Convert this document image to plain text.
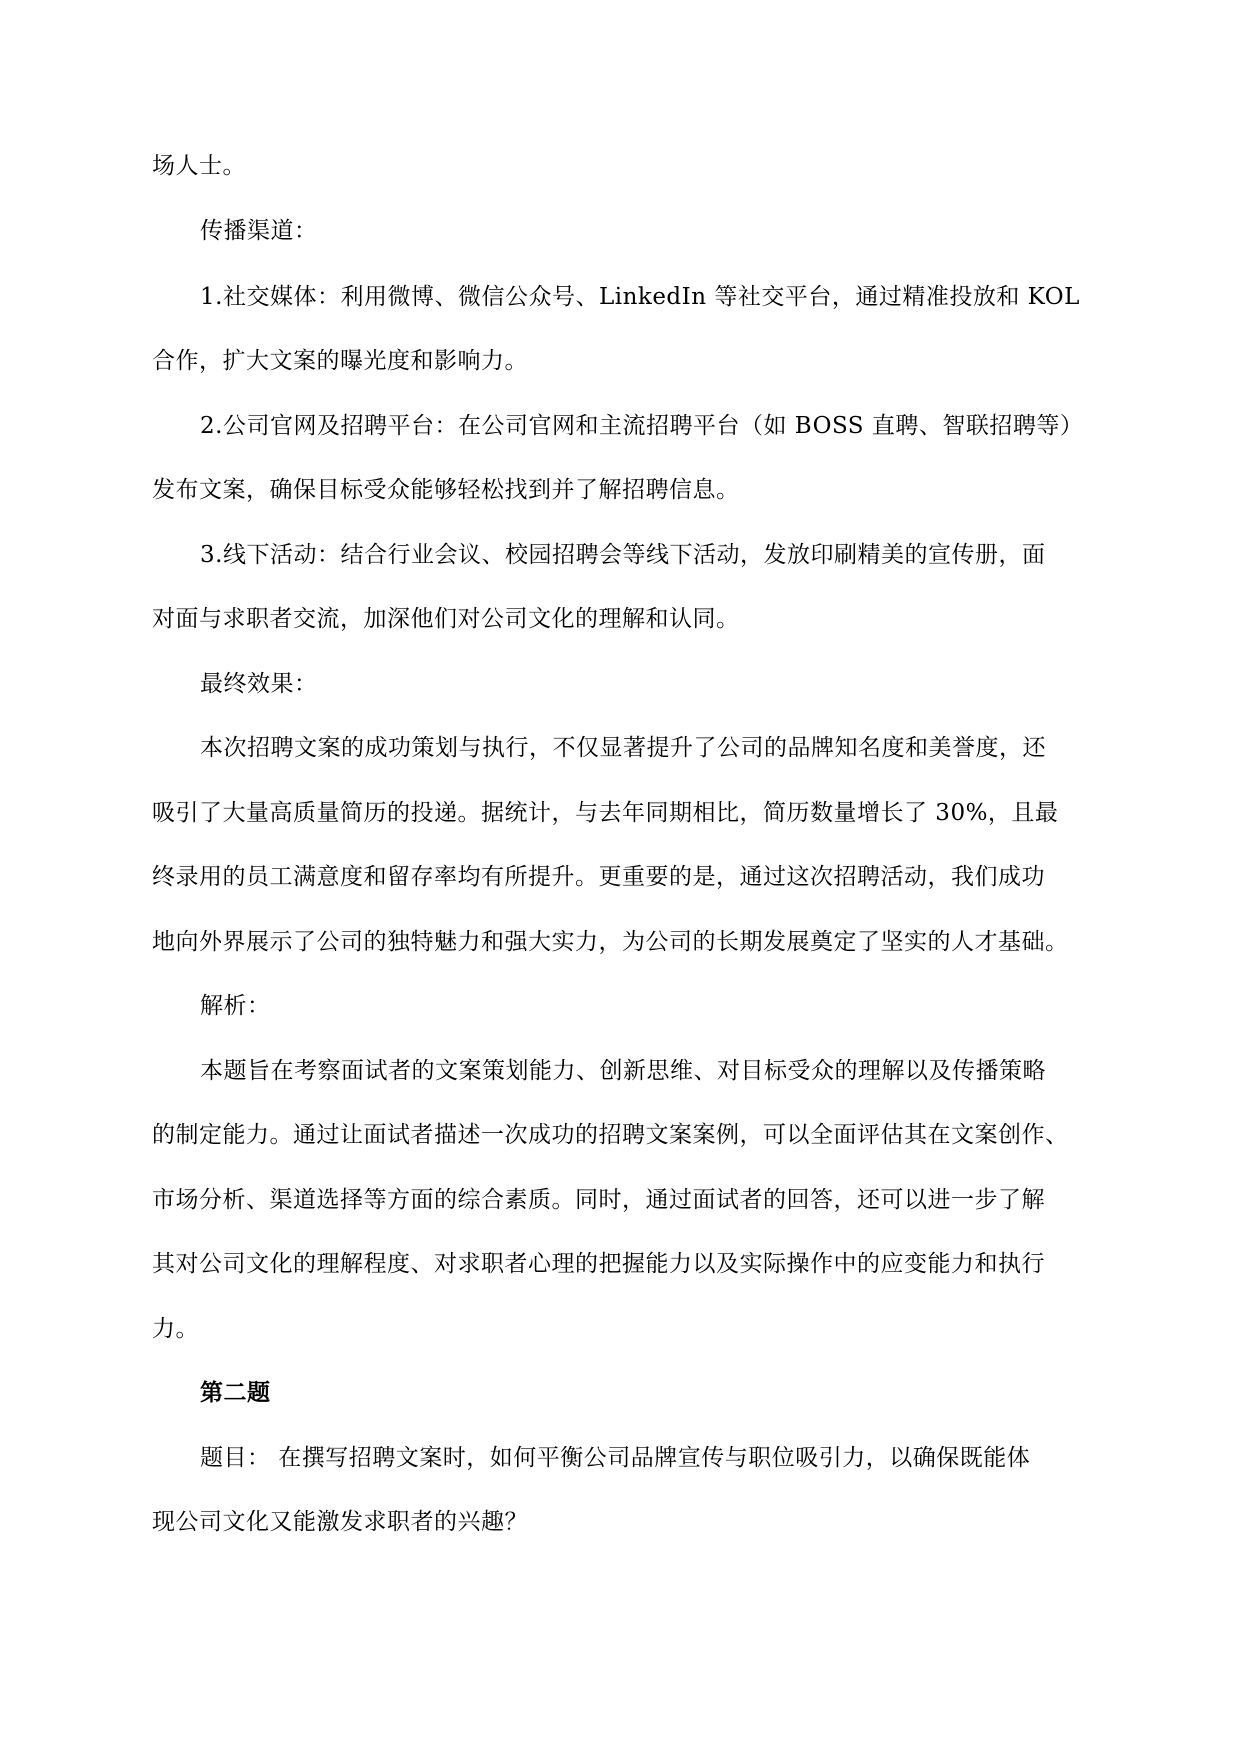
场人士。
传播渠道：
1.社交媒体：利用微博、微信公众号、LinkedIn 等社交平台，通过精准投放和 KOL
合作，扩大文案的曝光度和影响力。
2.公司官网及招聘平台：在公司官网和主流招聘平台（如 BOSS 直聘、智联招聘等）
发布文案，确保目标受众能够轻松找到并了解招聘信息。
3.线下活动：结合行业会议、校园招聘会等线下活动，发放印刷精美的宣传册，面
对面与求职者交流，加深他们对公司文化的理解和认同。
最终效果：
本次招聘文案的成功策划与执行，不仅显著提升了公司的品牌知名度和美誉度，还
吸引了大量高质量简历的投递。据统计，与去年同期相比，简历数量增长了 30%，且最
终录用的员工满意度和留存率均有所提升。更重要的是，通过这次招聘活动，我们成功
地向外界展示了公司的独特魅力和强大实力，为公司的长期发展奠定了坚实的人才基础。
解析：
本题旨在考察面试者的文案策划能力、创新思维、对目标受众的理解以及传播策略
的制定能力。通过让面试者描述一次成功的招聘文案案例，可以全面评估其在文案创作、
市场分析、渠道选择等方面的综合素质。同时，通过面试者的回答，还可以进一步了解
其对公司文化的理解程度、对求职者心理的把握能力以及实际操作中的应变能力和执行
力。
第二题
题目： 在撰写招聘文案时，如何平衡公司品牌宣传与职位吸引力，以确保既能体
现公司文化又能激发求职者的兴趣？
